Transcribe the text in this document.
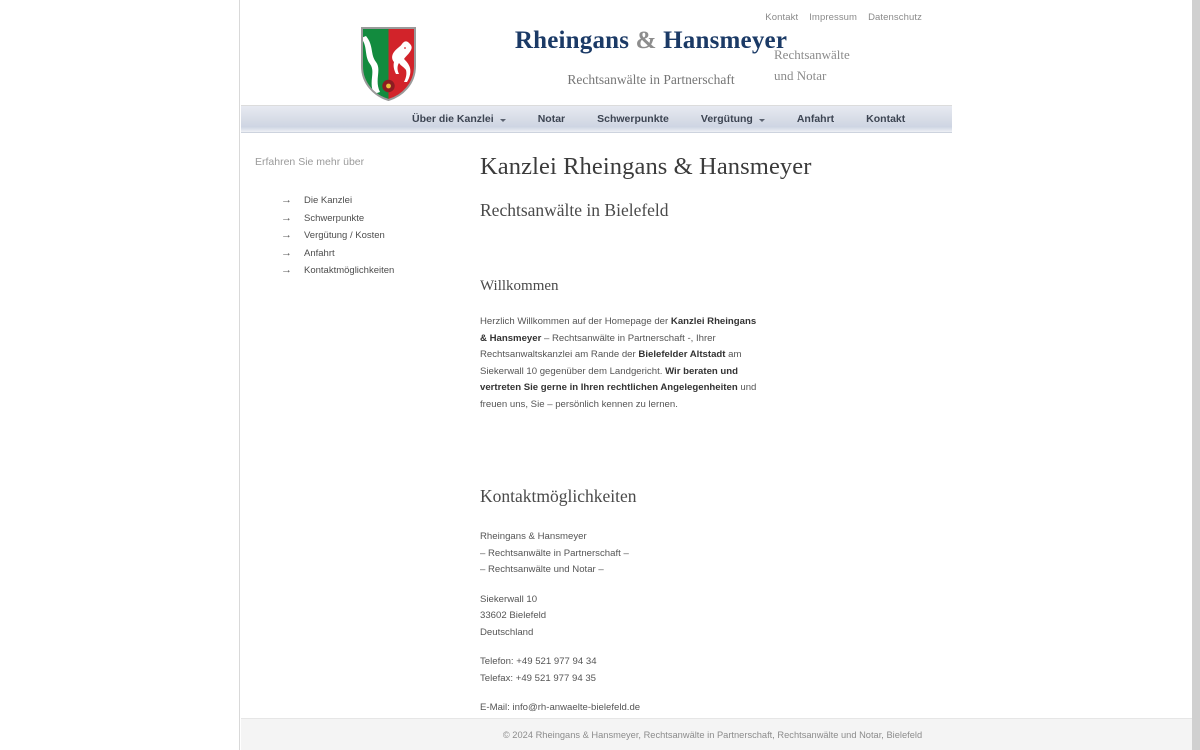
Kontakt Impressum Datenschutz
Rheingans & Hansmeyer
Rechtsanwälte in Partnerschaft
Rechtsanwälte
und Notar
Über die Kanzlei	Notar	Schwerpunkte	Vergütung	Anfahrt	Kontakt
Erfahren Sie mehr über
→ Die Kanzlei
→ Schwerpunkte
→ Vergütung / Kosten
→ Anfahrt
→ Kontaktmöglichkeiten
Kanzlei Rheingans & Hansmeyer
Rechtsanwälte in Bielefeld
Willkommen

Herzlich Willkommen auf der Homepage der Kanzlei Rheingans & Hansmeyer – Rechtsanwälte in Partnerschaft -, Ihrer Rechtsanwaltskanzlei am Rande der Bielefelder Altstadt am Siekerwall 10 gegenüber dem Landgericht. Wir beraten und vertreten Sie gerne in Ihren rechtlichen Angelegenheiten und freuen uns, Sie – persönlich kennen zu lernen.

Kontaktmöglichkeiten
Rheingans & Hansmeyer
– Rechtsanwälte in Partnerschaft –
– Rechtsanwälte und Notar –
Siekerwall 10
33602 Bielefeld
Deutschland
Telefon: +49 521 977 94 34
Telefax: +49 521 977 94 35
E-Mail: info@rh-anwaelte-bielefeld.de
© 2024 Rheingans & Hansmeyer, Rechtsanwälte in Partnerschaft, Rechtsanwälte und Notar, Bielefeld
